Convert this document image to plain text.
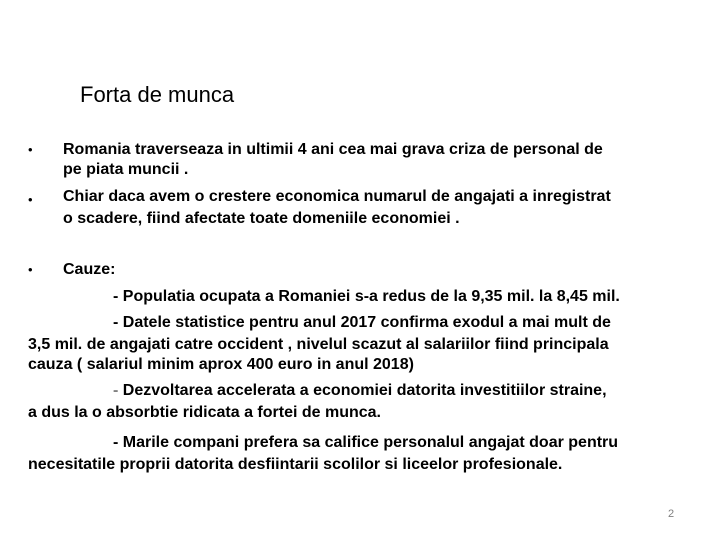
Forta de munca
• Romania traverseaza in ultimii 4 ani cea mai grava criza de personal de
pe piata muncii .
• Chiar daca avem o crestere economica numarul de angajati a inregistrat
o scadere, fiind afectate toate domeniile economiei .
• Cauze:
- Populatia ocupata a Romaniei s-a redus de la 9,35 mil. la 8,45 mil.
- Datele statistice pentru anul 2017 confirma exodul a mai mult de
3,5 mil. de angajati catre occident , nivelul scazut al salariilor fiind principala
cauza ( salariul minim aprox 400 euro in anul 2018)
- Dezvoltarea accelerata a economiei datorita investitiilor straine,
a dus la o absorbtie ridicata a fortei de munca.
- Marile compani prefera sa califice personalul angajat doar pentru
necesitatile proprii datorita desfiintarii scolilor si liceelor profesionale.
2
